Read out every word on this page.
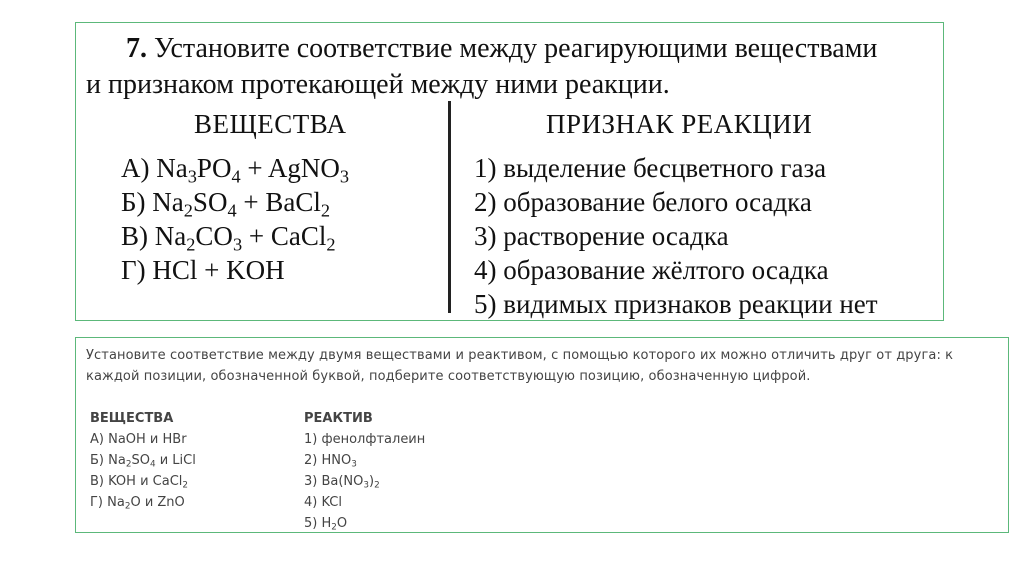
7. Установите соответствие между реагирующими веществами
и признаком протекающей между ними реакции.
ВЕЩЕСТВА	ПРИЗНАК РЕАКЦИИ
А) $Na_3PO_4$ + AgNO$_3$
Б) $Na_2SO_4$ + BaCl$_2$
В) $Na_2CO_3$ + CaCl$_2$
Г) HCl + KOH
1) выделение бесцветного газа
2) образование белого осадка
3) растворение осадка
4) образование жёлтого осадка
5) видимых признаков реакции нет
Установите соответствие между двумя веществами и реактивом, с помощью которого их можно отличить друг от друга: к каждой позиции, обозначенной буквой, подберите соответствующую позицию, обозначенную цифрой.
ВЕЩЕСТВА
А) NaOH и HBr
Б) $Na_2SO_4$ и LiCl
В) KOH и CaCl$_2$
Г) $Na_2O$ и ZnO
РЕАКТИВ
1) фенолфталеин
2) $HNO_3$
3) $Ba(NO_3)_2$
4) KCl
5) $H_2O$
